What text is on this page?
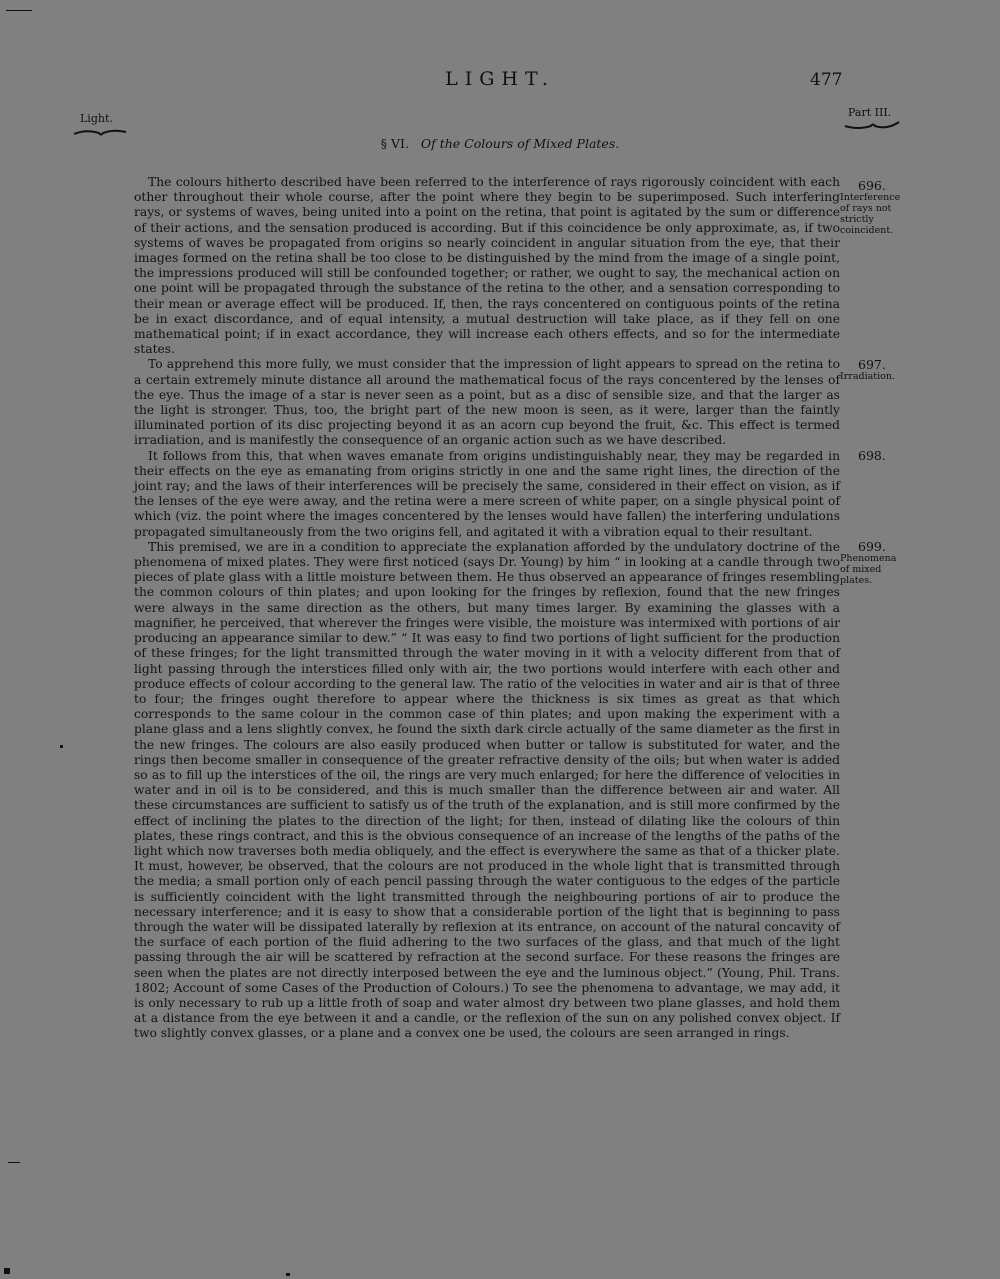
LIGHT.	477
Light.	Part III.
§ VI. Of the Colours of Mixed Plates.

The colours hitherto described have been referred to the interference of rays rigorously coincident with each other throughout their whole course, after the point where they begin to be superimposed. Such interfering rays, or systems of waves, being united into a point on the retina, that point is agitated by the sum or difference of their actions, and the sensation produced is according. But if this coincidence be only approximate, as, if two systems of waves be propagated from origins so nearly coincident in angular situation from the eye, that their images formed on the retina shall be too close to be distinguished by the mind from the image of a single point, the impressions produced will still be confounded together; or rather, we ought to say, the mechanical action on one point will be propagated through the substance of the retina to the other, and a sensation corresponding to their mean or average effect will be produced. If, then, the rays concentered on contiguous points of the retina be in exact discordance, and of equal intensity, a mutual destruction will take place, as if they fell on one mathematical point; if in exact accordance, they will increase each others effects, and so for the intermediate states.

To apprehend this more fully, we must consider that the impression of light appears to spread on the retina to a certain extremely minute distance all around the mathematical focus of the rays concentered by the lenses of the eye. Thus the image of a star is never seen as a point, but as a disc of sensible size, and that the larger as the light is stronger. Thus, too, the bright part of the new moon is seen, as it were, larger than the faintly illuminated portion of its disc projecting beyond it as an acorn cup beyond the fruit, &c. This effect is termed irradiation, and is manifestly the consequence of an organic action such as we have described.

It follows from this, that when waves emanate from origins undistinguishably near, they may be regarded in their effects on the eye as emanating from origins strictly in one and the same right lines, the direction of the joint ray; and the laws of their interferences will be precisely the same, considered in their effect on vision, as if the lenses of the eye were away, and the retina were a mere screen of white paper, on a single physical point of which (viz. the point where the images concentered by the lenses would have fallen) the interfering undulations propagated simultaneously from the two origins fell, and agitated it with a vibration equal to their resultant.

This premised, we are in a condition to appreciate the explanation afforded by the undulatory doctrine of the phenomena of mixed plates. They were first noticed (says Dr. Young) by him “ in looking at a candle through two pieces of plate glass with a little moisture between them. He thus observed an appearance of fringes resembling the common colours of thin plates; and upon looking for the fringes by reflexion, found that the new fringes were always in the same direction as the others, but many times larger. By examining the glasses with a magnifier, he perceived, that wherever the fringes were visible, the moisture was intermixed with portions of air producing an appearance similar to dew.” “ It was easy to find two portions of light sufficient for the production of these fringes; for the light transmitted through the water moving in it with a velocity different from that of light passing through the interstices filled only with air, the two portions would interfere with each other and produce effects of colour according to the general law. The ratio of the velocities in water and air is that of three to four; the fringes ought therefore to appear where the thickness is six times as great as that which corresponds to the same colour in the common case of thin plates; and upon making the experiment with a plane glass and a lens slightly convex, he found the sixth dark circle actually of the same diameter as the first in the new fringes. The colours are also easily produced when butter or tallow is substituted for water, and the rings then become smaller in consequence of the greater refractive density of the oils; but when water is added so as to fill up the interstices of the oil, the rings are very much enlarged; for here the difference of velocities in water and in oil is to be considered, and this is much smaller than the difference between air and water. All these circumstances are sufficient to satisfy us of the truth of the explanation, and is still more confirmed by the effect of inclining the plates to the direction of the light; for then, instead of dilating like the colours of thin plates, these rings contract, and this is the obvious consequence of an increase of the lengths of the paths of the light which now traverses both media obliquely, and the effect is everywhere the same as that of a thicker plate. It must, however, be observed, that the colours are not produced in the whole light that is transmitted through the media; a small portion only of each pencil passing through the water contiguous to the edges of the particle is sufficiently coincident with the light transmitted through the neighbouring portions of air to produce the necessary interference; and it is easy to show that a considerable portion of the light that is beginning to pass through the water will be dissipated laterally by reflexion at its entrance, on account of the natural concavity of the surface of each portion of the fluid adhering to the two surfaces of the glass, and that much of the light passing through the air will be scattered by refraction at the second surface. For these reasons the fringes are seen when the plates are not directly interposed between the eye and the luminous object.” (Young, Phil. Trans. 1802; Account of some Cases of the Production of Colours.) To see the phenomena to advantage, we may add, it is only necessary to rub up a little froth of soap and water almost dry between two plane glasses, and hold them at a distance from the eye between it and a candle, or the reflexion of the sun on any polished convex object. If two slightly convex glasses, or a plane and a convex one be used, the colours are seen arranged in rings.

696.
Interference of rays not strictly coincident.
697.
Irradiation.
698.
699.
Phenomena of mixed plates.
